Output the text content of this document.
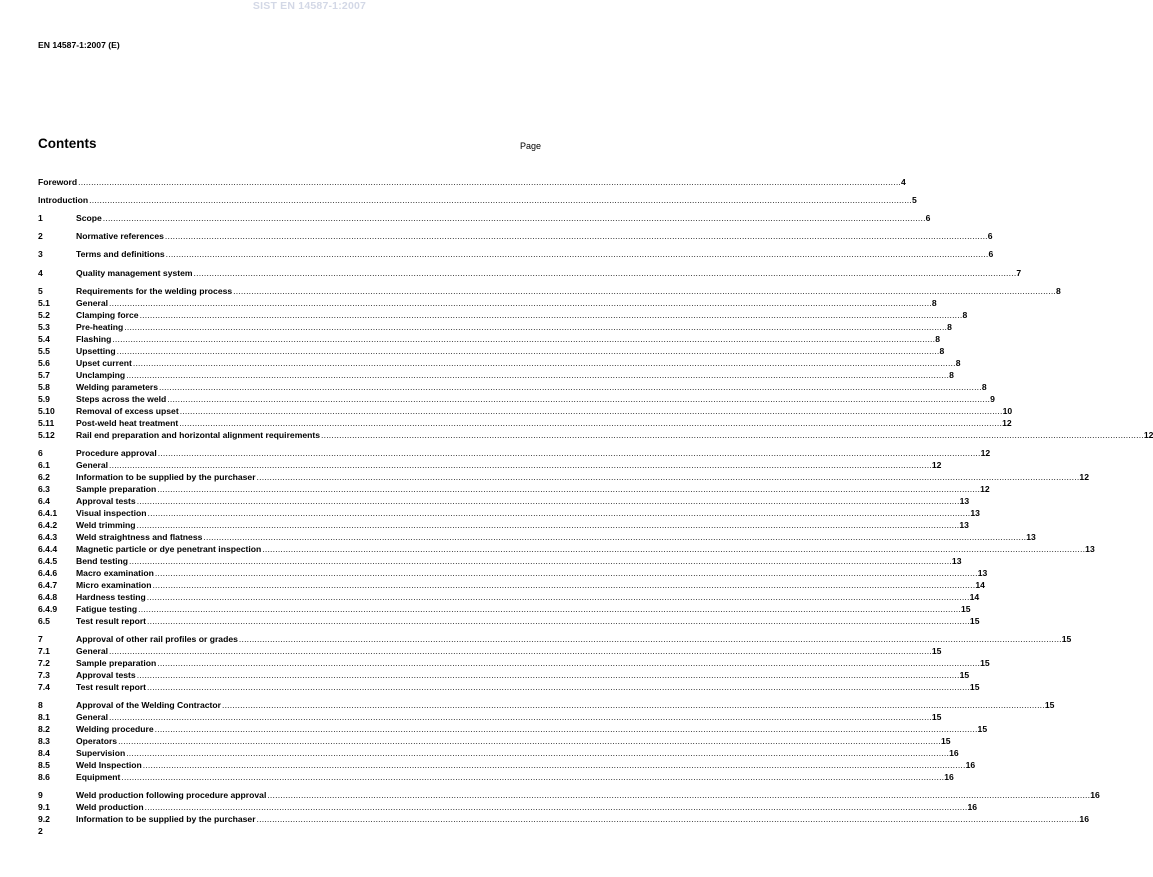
SIST EN 14587-1:2007
EN 14587-1:2007 (E)
Contents	Page
Foreword .....	4
Introduction .....	5
1	Scope .....	6
2	Normative references .....	6
3	Terms and definitions .....	6
4	Quality management system .....	7
5	Requirements for the welding process .....	8
5.1	General .....	8
5.2	Clamping force .....	8
5.3	Pre-heating .....	8
5.4	Flashing .....	8
5.5	Upsetting .....	8
5.6	Upset current .....	8
5.7	Unclamping .....	8
5.8	Welding parameters .....	8
5.9	Steps across the weld .....	9
5.10	Removal of excess upset .....	10
5.11	Post-weld heat treatment .....	12
5.12	Rail end preparation and horizontal alignment requirements .....	12
6	Procedure approval .....	12
6.1	General .....	12
6.2	Information to be supplied by the purchaser .....	12
6.3	Sample preparation .....	12
6.4	Approval tests .....	13
6.4.1	Visual inspection .....	13
6.4.2	Weld trimming .....	13
6.4.3	Weld straightness and flatness .....	13
6.4.4	Magnetic particle or dye penetrant inspection .....	13
6.4.5	Bend testing .....	13
6.4.6	Macro examination .....	13
6.4.7	Micro examination .....	14
6.4.8	Hardness testing .....	14
6.4.9	Fatigue testing .....	15
6.5	Test result report .....	15
7	Approval of other rail profiles or grades .....	15
7.1	General .....	15
7.2	Sample preparation .....	15
7.3	Approval tests .....	15
7.4	Test result report .....	15
8	Approval of the Welding Contractor .....	15
8.1	General .....	15
8.2	Welding procedure .....	15
8.3	Operators .....	15
8.4	Supervision .....	16
8.5	Weld Inspection .....	16
8.6	Equipment .....	16
9	Weld production following procedure approval .....	16
9.1	Weld production .....	16
9.2	Information to be supplied by the purchaser .....	16
2
